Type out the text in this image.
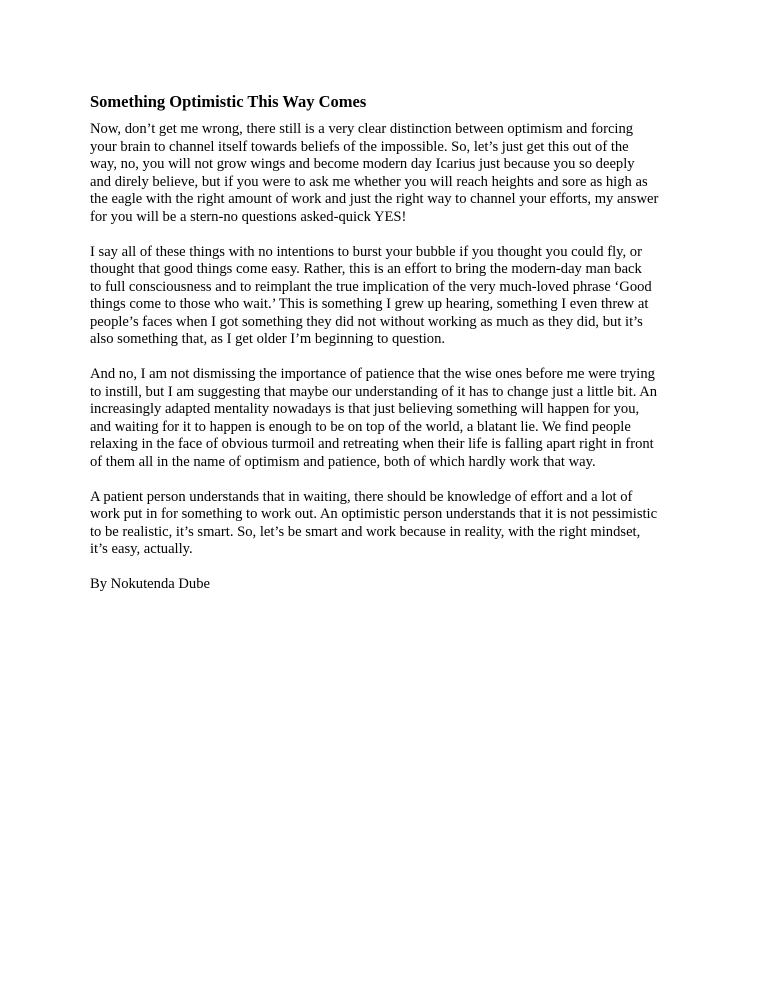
Something Optimistic This Way Comes
Now, don’t get me wrong, there still is a very clear distinction between optimism and forcing
your brain to channel itself towards beliefs of the impossible. So, let’s just get this out of the
way, no, you will not grow wings and become modern day Icarius just because you so deeply
and direly believe, but if you were to ask me whether you will reach heights and sore as high as
the eagle with the right amount of work and just the right way to channel your efforts, my answer
for you will be a stern-no questions asked-quick YES!
I say all of these things with no intentions to burst your bubble if you thought you could fly, or
thought that good things come easy. Rather, this is an effort to bring the modern-day man back
to full consciousness and to reimplant the true implication of the very much-loved phrase ‘Good
things come to those who wait.’ This is something I grew up hearing, something I even threw at
people’s faces when I got something they did not without working as much as they did, but it’s
also something that, as I get older I’m beginning to question.
And no, I am not dismissing the importance of patience that the wise ones before me were trying
to instill, but I am suggesting that maybe our understanding of it has to change just a little bit. An
increasingly adapted mentality nowadays is that just believing something will happen for you,
and waiting for it to happen is enough to be on top of the world, a blatant lie. We find people
relaxing in the face of obvious turmoil and retreating when their life is falling apart right in front
of them all in the name of optimism and patience, both of which hardly work that way.
A patient person understands that in waiting, there should be knowledge of effort and a lot of
work put in for something to work out. An optimistic person understands that it is not pessimistic
to be realistic, it’s smart. So, let’s be smart and work because in reality, with the right mindset,
it’s easy, actually.
By Nokutenda Dube
